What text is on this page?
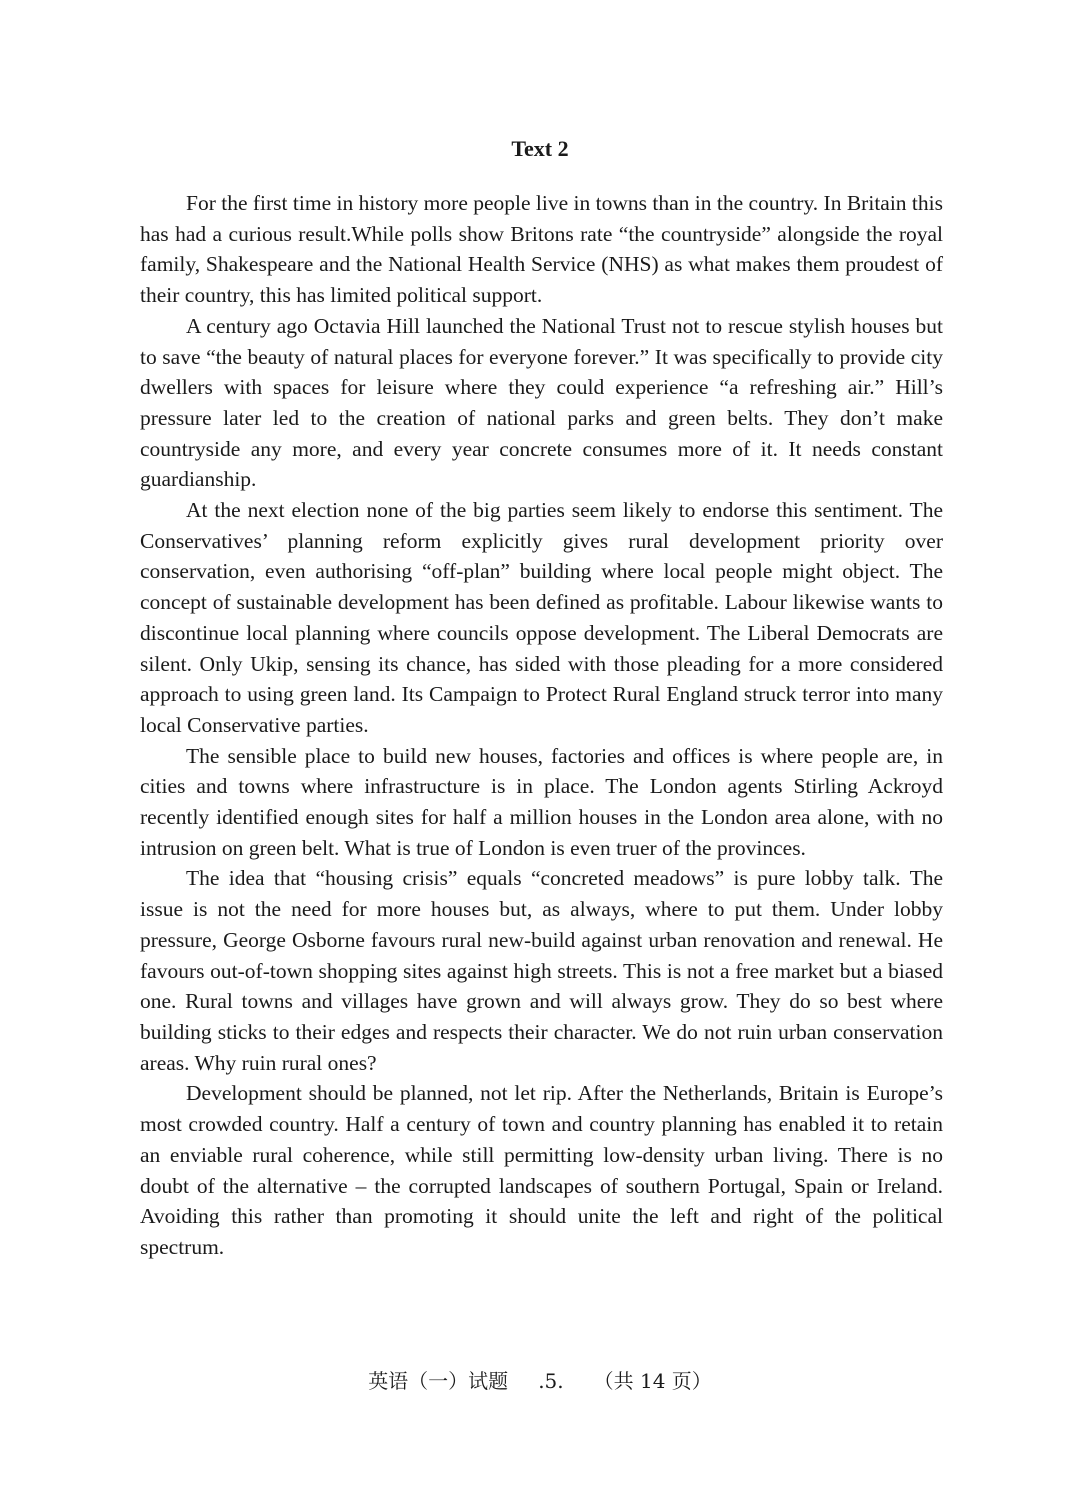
Text 2

For the first time in history more people live in towns than in the country. In Britain this has had a curious result.While polls show Britons rate “the countryside” alongside the royal family, Shakespeare and the National Health Service (NHS) as what makes them proudest of their country, this has limited political support.

A century ago Octavia Hill launched the National Trust not to rescue stylish houses but to save “the beauty of natural places for everyone forever.” It was specifically to provide city dwellers with spaces for leisure where they could experience “a refreshing air.” Hill’s pressure later led to the creation of national parks and green belts. They don’t make countryside any more, and every year concrete consumes more of it. It needs constant guardianship.

At the next election none of the big parties seem likely to endorse this sentiment. The Conservatives’ planning reform explicitly gives rural development priority over conservation, even authorising “off-plan” building where local people might object. The concept of sustainable development has been defined as profitable. Labour likewise wants to discontinue local planning where councils oppose development. The Liberal Democrats are silent. Only Ukip, sensing its chance, has sided with those pleading for a more considered approach to using green land. Its Campaign to Protect Rural England struck terror into many local Conservative parties.

The sensible place to build new houses, factories and offices is where people are, in cities and towns where infrastructure is in place. The London agents Stirling Ackroyd recently identified enough sites for half a million houses in the London area alone, with no intrusion on green belt. What is true of London is even truer of the provinces.

The idea that “housing crisis” equals “concreted meadows” is pure lobby talk. The issue is not the need for more houses but, as always, where to put them. Under lobby pressure, George Osborne favours rural new-build against urban renovation and renewal. He favours out-of-town shopping sites against high streets. This is not a free market but a biased one. Rural towns and villages have grown and will always grow. They do so best where building sticks to their edges and respects their character. We do not ruin urban conservation areas. Why ruin rural ones?

Development should be planned, not let rip. After the Netherlands, Britain is Europe’s most crowded country. Half a century of town and country planning has enabled it to retain an enviable rural coherence, while still permitting low-density urban living. There is no doubt of the alternative – the corrupted landscapes of southern Portugal, Spain or Ireland. Avoiding this rather than promoting it should unite the left and right of the political spectrum.

英语（一）试题 .5. （共 14 页）
